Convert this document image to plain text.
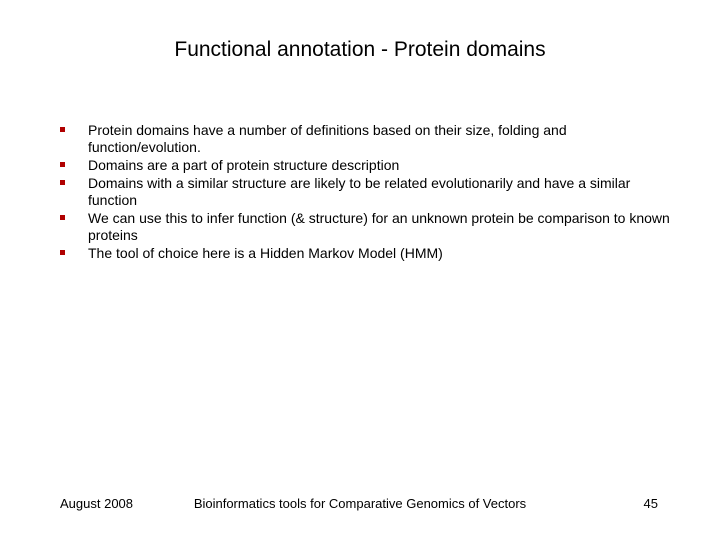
Functional annotation - Protein domains
Protein domains have a number of definitions based on their size, folding and function/evolution.
Domains are a part of protein structure description
Domains with a similar structure are likely to be related evolutionarily and have a similar function
We can use this to infer function (& structure) for an unknown protein be comparison to known proteins
The tool of choice here is a Hidden Markov Model (HMM)
August 2008	Bioinformatics tools for Comparative Genomics of Vectors	45
